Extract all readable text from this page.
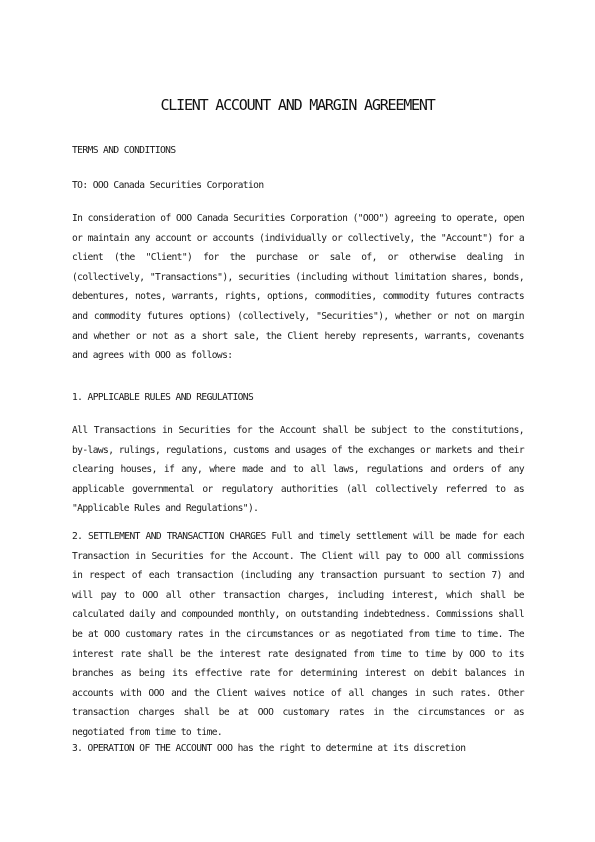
CLIENT ACCOUNT AND MARGIN AGREEMENT
TERMS AND CONDITIONS
TO: OOO Canada Securities Corporation

In consideration of OOO Canada Securities Corporation ("OOO") agreeing to operate, open or maintain any account or accounts (individually or collectively, the "Account") for a client (the "Client") for the purchase or sale of, or otherwise dealing in (collectively, "Transactions"), securities (including without limitation shares, bonds, debentures, notes, warrants, rights, options, commodities, commodity futures contracts and commodity futures options) (collectively, "Securities"), whether or not on margin and whether or not as a short sale, the Client hereby represents, warrants, covenants and agrees with OOO as follows:

1. APPLICABLE RULES AND REGULATIONS

All Transactions in Securities for the Account shall be subject to the constitutions, by-laws, rulings, regulations, customs and usages of the exchanges or markets and their clearing houses, if any, where made and to all laws, regulations and orders of any applicable governmental or regulatory authorities (all collectively referred to as "Applicable Rules and Regulations").

2. SETTLEMENT AND TRANSACTION CHARGES Full and timely settlement will be made for each Transaction in Securities for the Account. The Client will pay to OOO all commissions in respect of each transaction (including any transaction pursuant to section 7) and will pay to OOO all other transaction charges, including interest, which shall be calculated daily and compounded monthly, on outstanding indebtedness. Commissions shall be at OOO customary rates in the circumstances or as negotiated from time to time. The interest rate shall be the interest rate designated from time to time by OOO to its branches as being its effective rate for determining interest on debit balances in accounts with OOO and the Client waives notice of all changes in such rates. Other transaction charges shall be at OOO customary rates in the circumstances or as negotiated from time to time.

3. OPERATION OF THE ACCOUNT OOO has the right to determine at its discretion
